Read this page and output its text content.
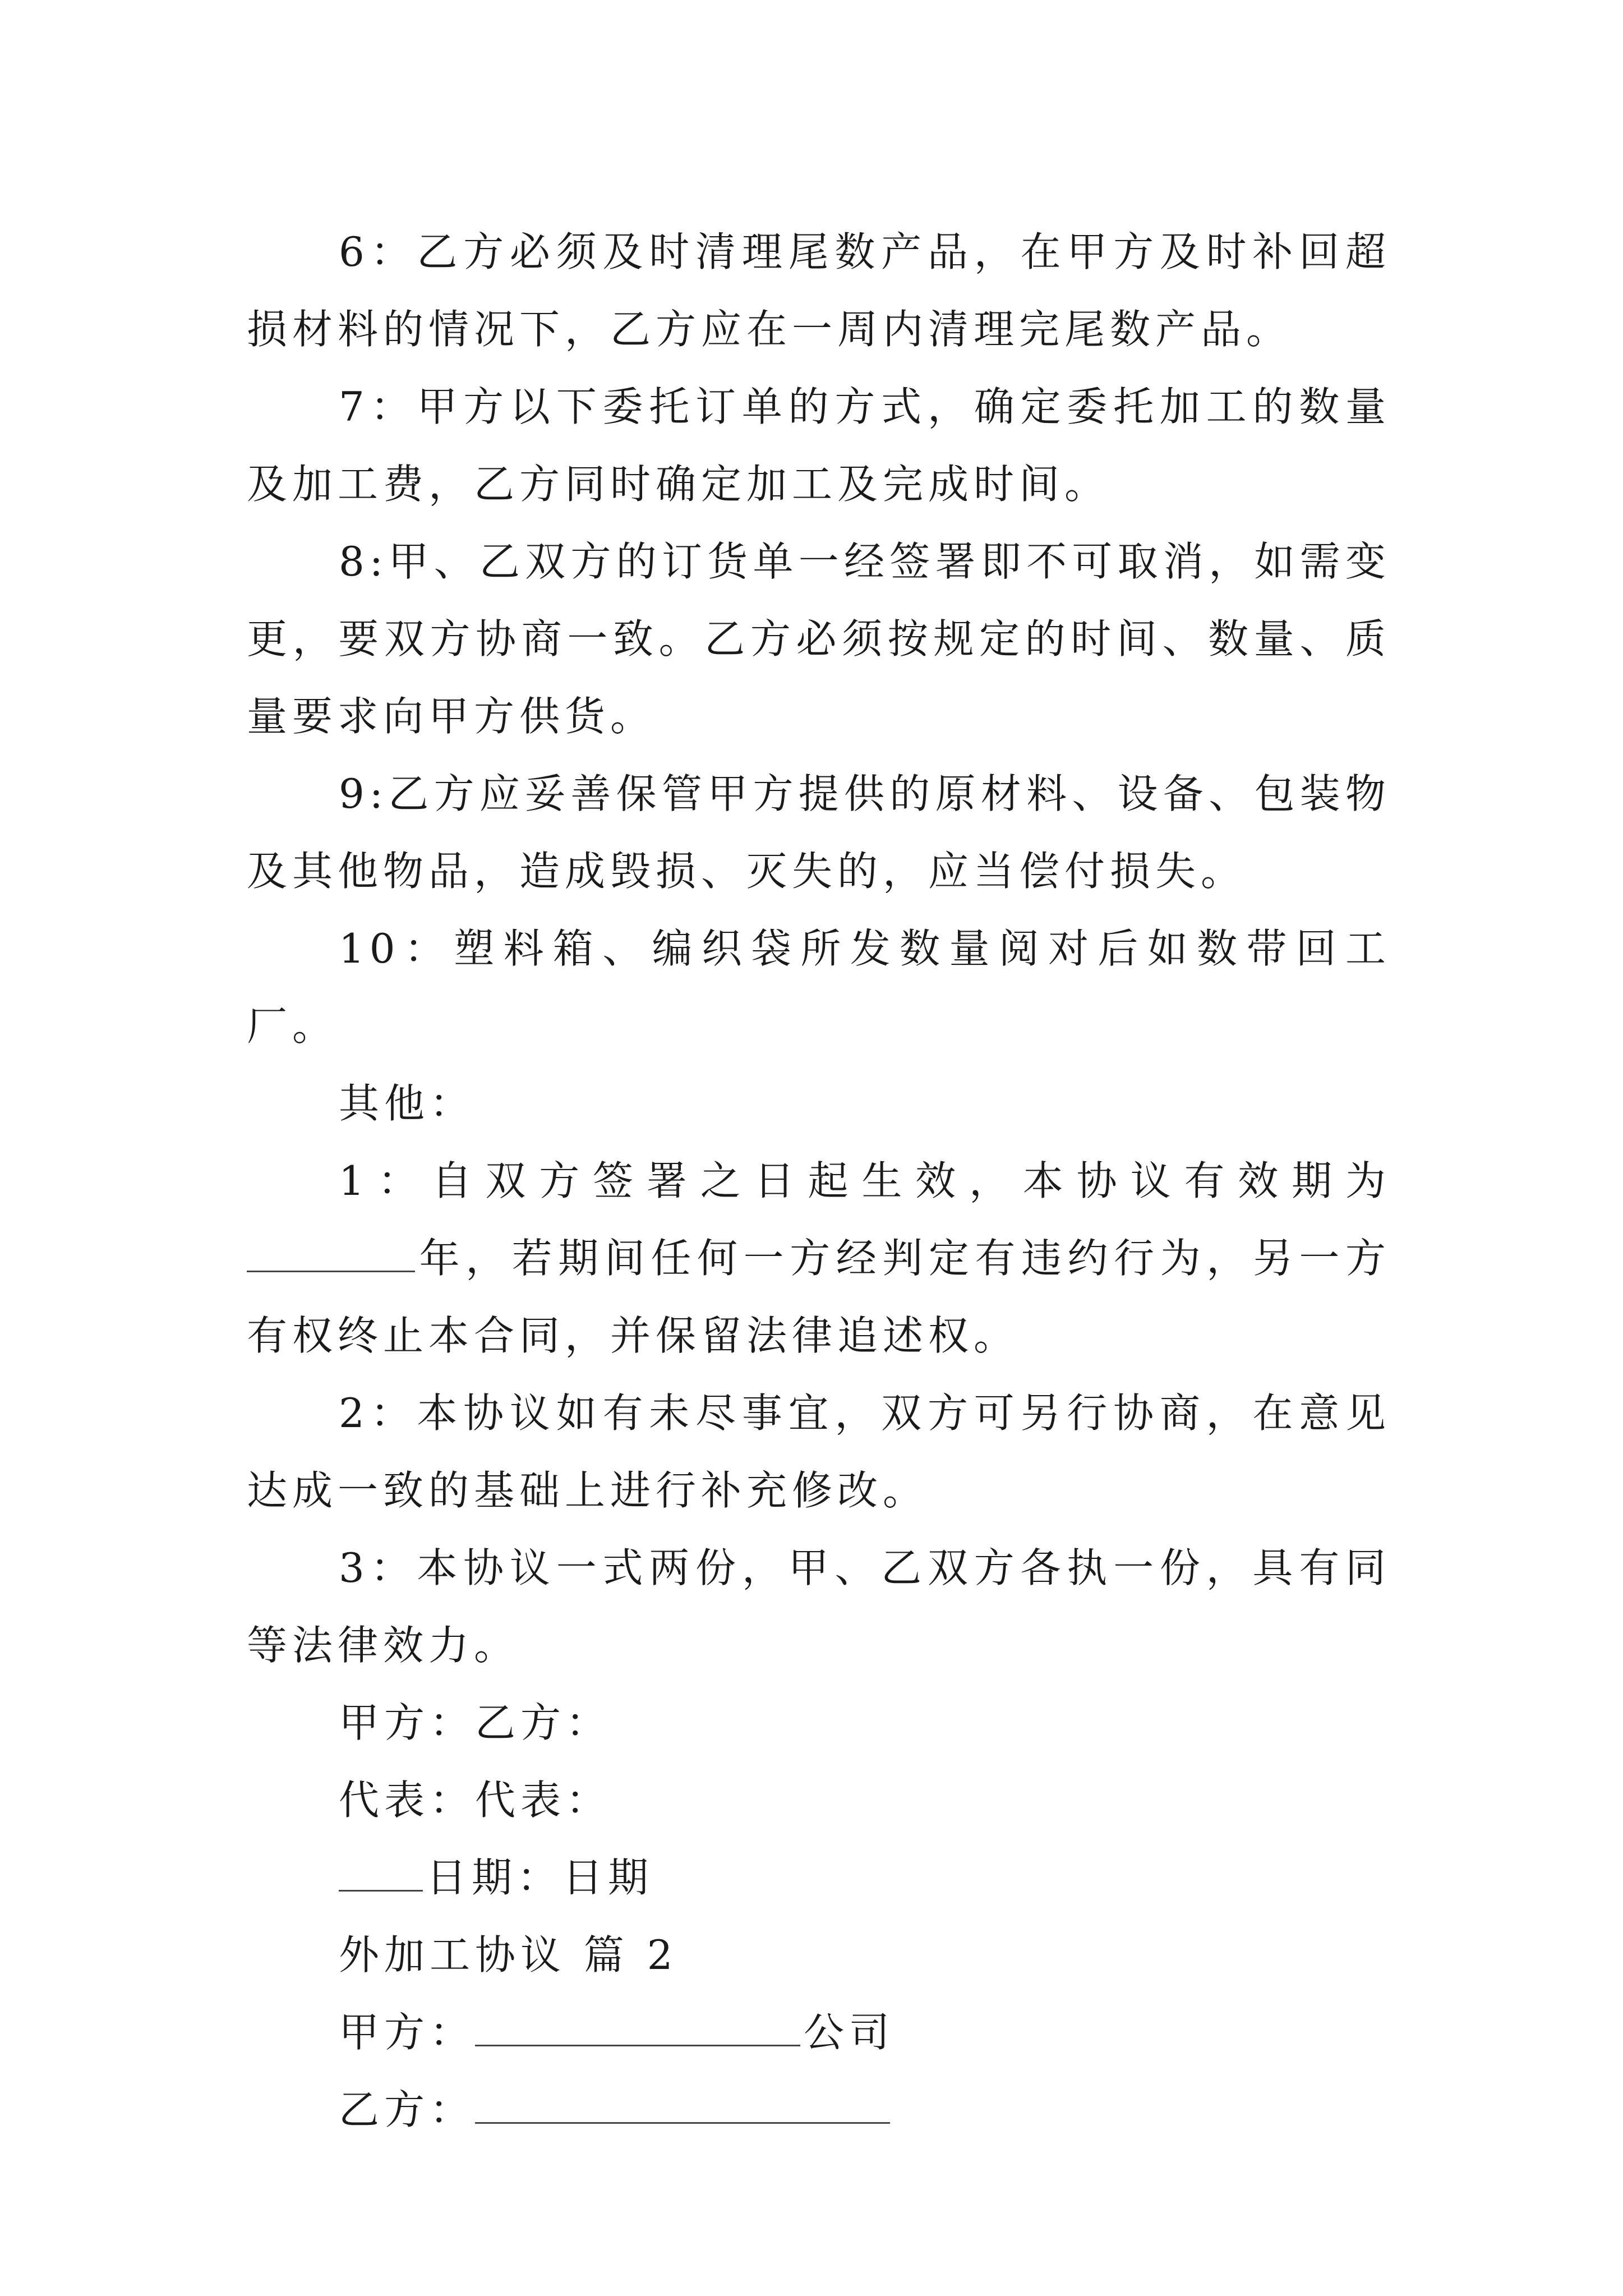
6：乙方必须及时清理尾数产品，在甲方及时补回超损材料的情况下，乙方应在一周内清理完尾数产品。

7：甲方以下委托订单的方式，确定委托加工的数量及加工费，乙方同时确定加工及完成时间。

8:甲、乙双方的订货单一经签署即不可取消，如需变更，要双方协商一致。乙方必须按规定的时间、数量、质量要求向甲方供货。

9:乙方应妥善保管甲方提供的原材料、设备、包装物及其他物品，造成毁损、灭失的，应当偿付损失。

10：塑料箱、编织袋所发数量阅对后如数带回工厂。

其他：

1：自双方签署之日起生效，本协议有效期为年，若期间任何一方经判定有违约行为，另一方有权终止本合同，并保留法律追述权。

2：本协议如有未尽事宜，双方可另行协商，在意见达成一致的基础上进行补充修改。

3：本协议一式两份，甲、乙双方各执一份，具有同等法律效力。

甲方：乙方：

代表：代表：

日期：日期

外加工协议 篇 2

甲方：	公司

乙方：
